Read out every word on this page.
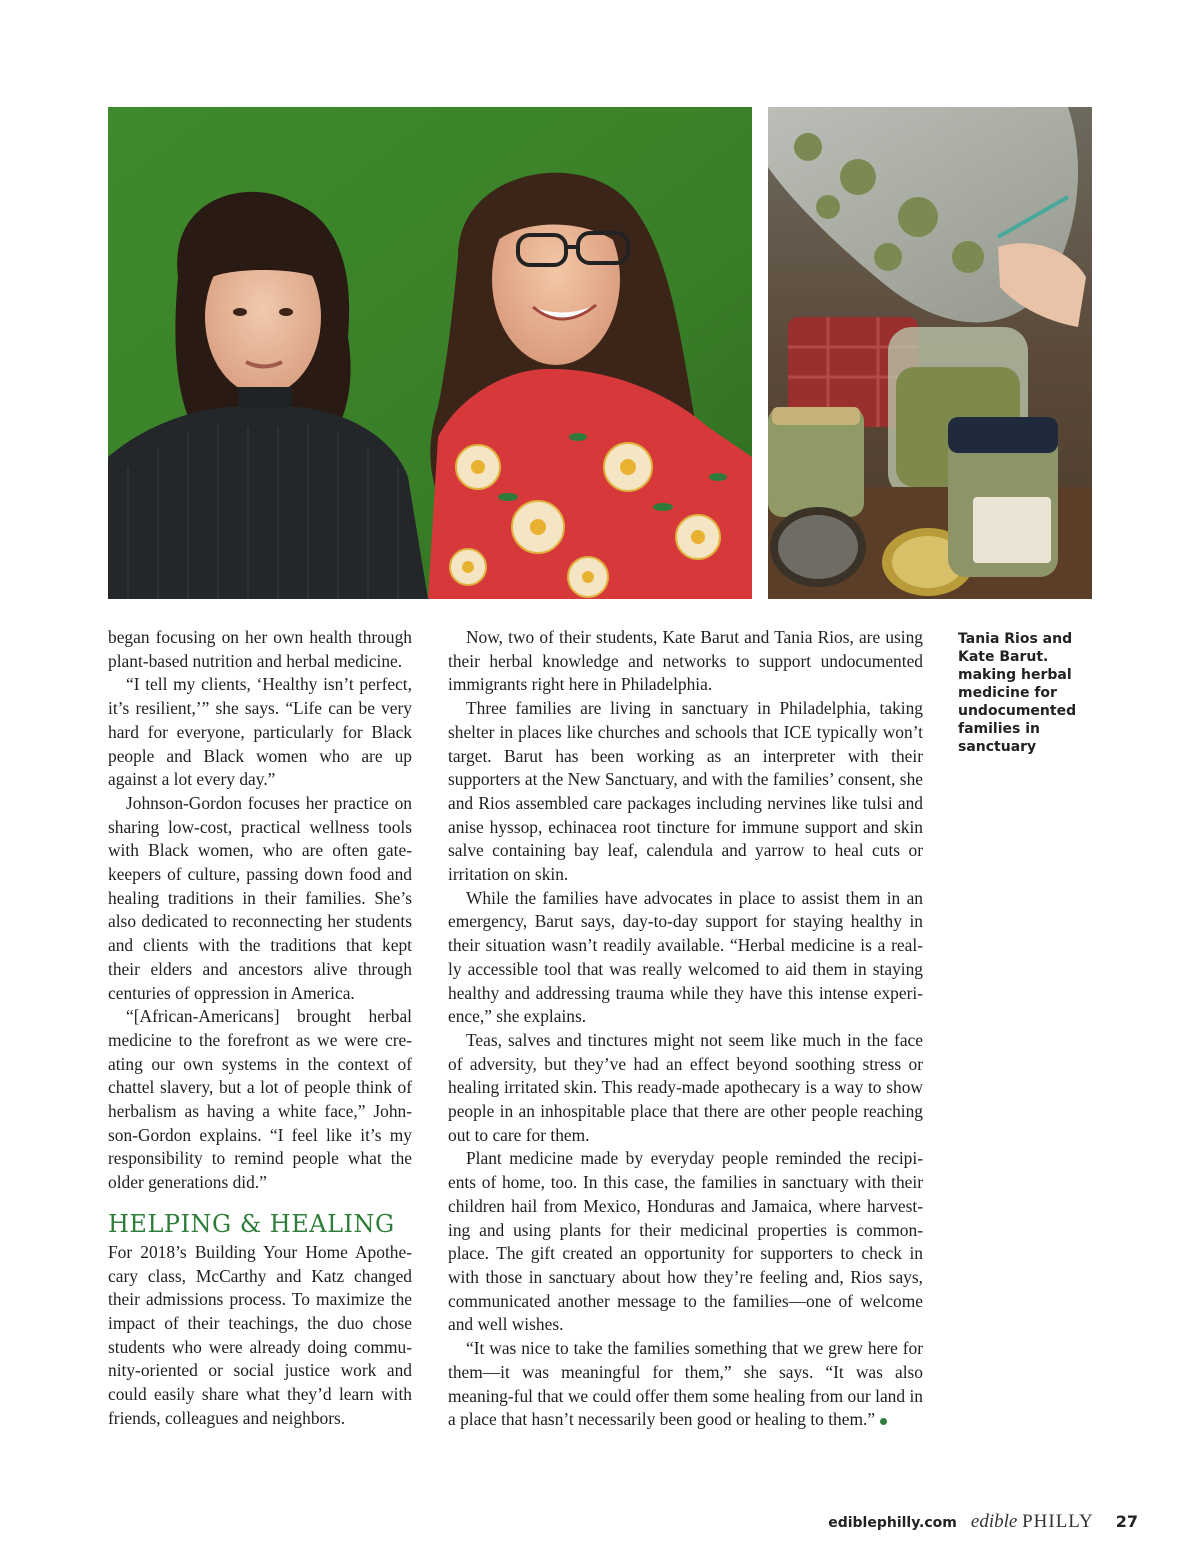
began focusing on her own health through plant-based nutrition and herbal medicine.

“I tell my clients, ‘Healthy isn’t perfect, it’s resilient,’” she says. “Life can be very hard for everyone, particularly for Black people and Black women who are up against a lot every day.”

Johnson-Gordon focuses her practice on sharing low-cost, practical wellness tools with Black women, who are often gate-keepers of culture, passing down food and healing traditions in their families. She’s also dedicated to reconnecting her students and clients with the traditions that kept their elders and ancestors alive through centuries of oppression in America.

“[African-Americans] brought herbal medicine to the forefront as we were cre-ating our own systems in the context of chattel slavery, but a lot of people think of herbalism as having a white face,” John-son-Gordon explains. “I feel like it’s my responsibility to remind people what the older generations did.”

HELPING & HEALING

For 2018’s Building Your Home Apothe-cary class, McCarthy and Katz changed their admissions process. To maximize the impact of their teachings, the duo chose students who were already doing commu-nity-oriented or social justice work and could easily share what they’d learn with friends, colleagues and neighbors.

Now, two of their students, Kate Barut and Tania Rios, are using their herbal knowledge and networks to support undocumented immigrants right here in Philadelphia.

Three families are living in sanctuary in Philadelphia, taking shelter in places like churches and schools that ICE typically won’t target. Barut has been working as an interpreter with their supporters at the New Sanctuary, and with the families’ consent, she and Rios assembled care packages including nervines like tulsi and anise hyssop, echinacea root tincture for immune support and skin salve containing bay leaf, calendula and yarrow to heal cuts or irritation on skin.

While the families have advocates in place to assist them in an emergency, Barut says, day-to-day support for staying healthy in their situation wasn’t readily available. “Herbal medicine is a real-ly accessible tool that was really welcomed to aid them in staying healthy and addressing trauma while they have this intense experi-ence,” she explains.

Teas, salves and tinctures might not seem like much in the face of adversity, but they’ve had an effect beyond soothing stress or healing irritated skin. This ready-made apothecary is a way to show people in an inhospitable place that there are other people reaching out to care for them.

Plant medicine made by everyday people reminded the recipi-ents of home, too. In this case, the families in sanctuary with their children hail from Mexico, Honduras and Jamaica, where harvest-ing and using plants for their medicinal properties is common-place. The gift created an opportunity for supporters to check in with those in sanctuary about how they’re feeling and, Rios says, communicated another message to the families—one of welcome and well wishes.

“It was nice to take the families something that we grew here for them—it was meaningful for them,” she says. “It was also meaning-ful that we could offer them some healing from our land in a place that hasn’t necessarily been good or healing to them.”

Tania Rios and Kate Barut. making herbal medicine for undocumented families in sanctuary
ediblephilly.com edible PHILLY 27
